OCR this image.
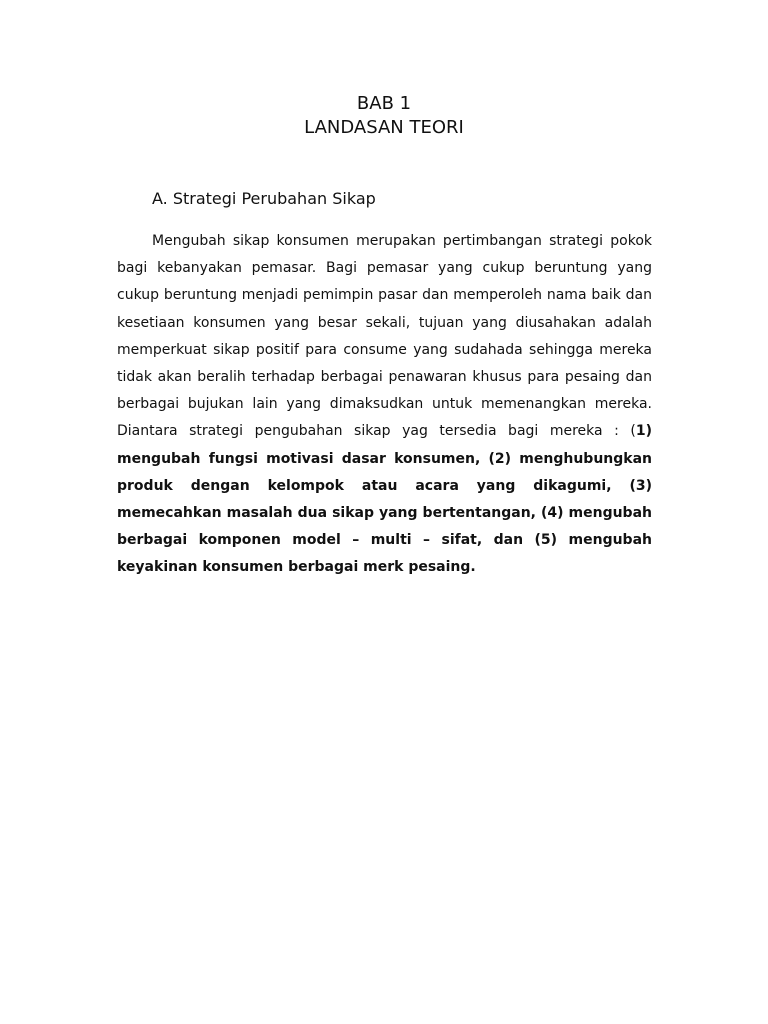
BAB 1
LANDASAN TEORI
A. Strategi Perubahan Sikap

Mengubah sikap konsumen merupakan pertimbangan strategi pokok bagi kebanyakan pemasar. Bagi pemasar yang cukup beruntung yang cukup beruntung menjadi pemimpin pasar dan memperoleh nama baik dan kesetiaan konsumen yang besar sekali, tujuan yang diusahakan adalah memperkuat sikap positif para consume yang sudahada sehingga mereka tidak akan beralih terhadap berbagai penawaran khusus para pesaing dan berbagai bujukan lain yang dimaksudkan untuk memenangkan mereka. Diantara strategi pengubahan sikap yag tersedia bagi mereka : (1) mengubah fungsi motivasi dasar konsumen, (2) menghubungkan produk dengan kelompok atau acara yang dikagumi, (3) memecahkan masalah dua sikap yang bertentangan, (4) mengubah berbagai komponen model – multi – sifat, dan (5) mengubah keyakinan konsumen berbagai merk pesaing.
